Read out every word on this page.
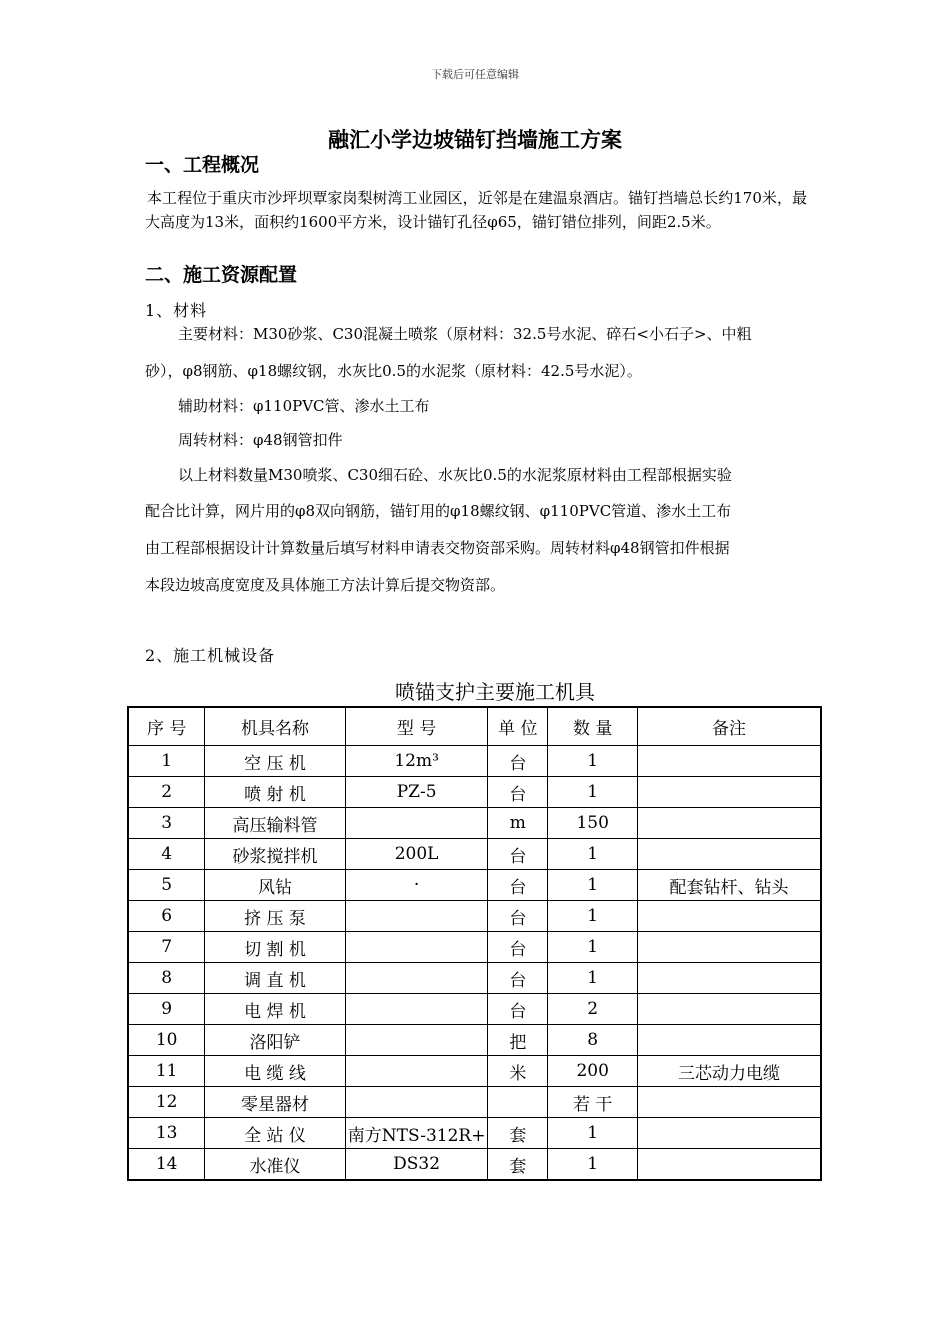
下载后可任意编辑
融汇小学边坡锚钉挡墙施工方案
一、工程概况
本工程位于重庆市沙坪坝覃家岗梨树湾工业园区，近邻是在建温泉酒店。锚钉挡墙总长约170米，最大高度为13米，面积约1600平方米，设计锚钉孔径φ65，锚钉错位排列，间距2.5米。
二、施工资源配置
1、材料
主要材料：M30砂浆、C30混凝土喷浆（原材料：32.5号水泥、碎石<小石子>、中粗
砂），φ8钢筋、φ18螺纹钢，水灰比0.5的水泥浆（原材料：42.5号水泥）。
辅助材料：φ110PVC管、渗水土工布
周转材料：φ48钢管扣件
以上材料数量M30喷浆、C30细石砼、水灰比0.5的水泥浆原材料由工程部根据实验
配合比计算，网片用的φ8双向钢筋，锚钉用的φ18螺纹钢、φ110PVC管道、渗水土工布
由工程部根据设计计算数量后填写材料申请表交物资部采购。周转材料φ48钢管扣件根据
本段边坡高度宽度及具体施工方法计算后提交物资部。
2、施工机械设备
喷锚支护主要施工机具
序 号	机具名称	型 号	单 位	数 量	备注
1	空 压 机	12m³	台	1	
2	喷 射 机	PZ-5	台	1	
3	高压输料管		m	150	
4	砂浆搅拌机	200L	台	1	
5	风钻	·	台	1	配套钻杆、钻头
6	挤 压 泵		台	1	
7	切 割 机		台	1	
8	调 直 机		台	1	
9	电 焊 机		台	2	
10	洛阳铲		把	8	
11	电 缆 线		米	200	三芯动力电缆
12	零星器材			若 干	
13	全 站 仪	南方NTS-312R+	套	1	
14	水准仪	DS32	套	1	
